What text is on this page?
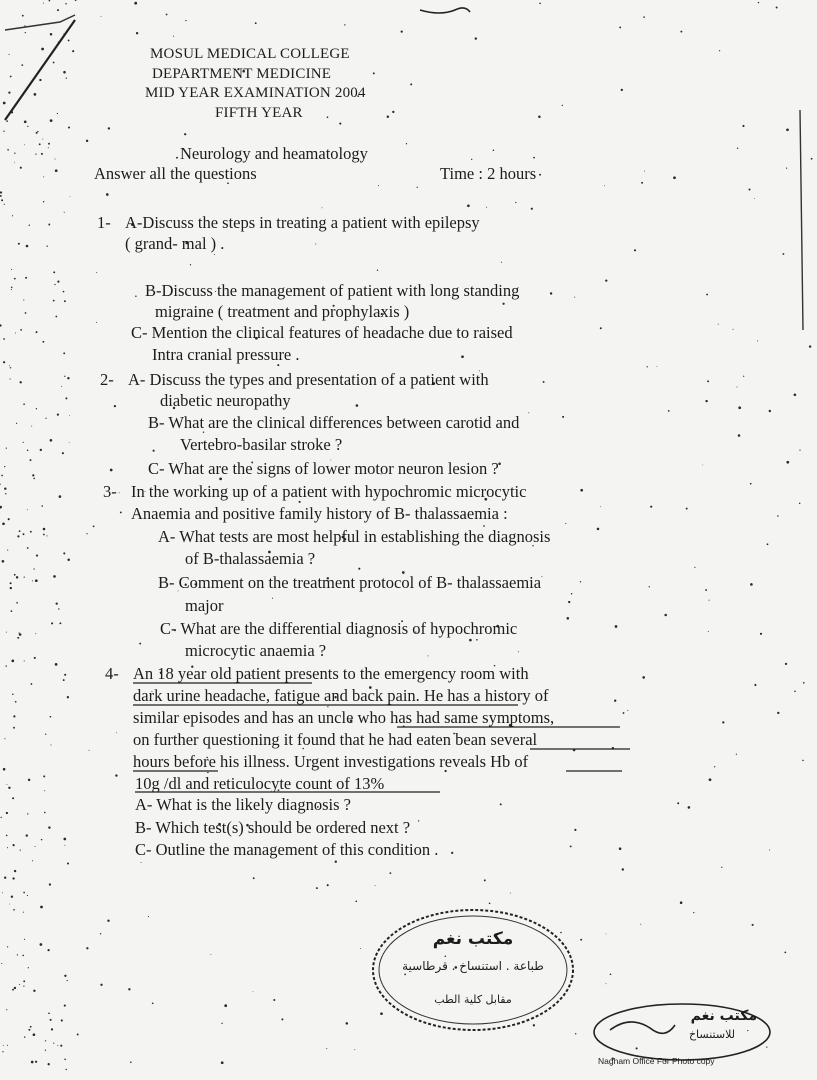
MOSUL MEDICAL COLLEGE
DEPARTMENT MEDICINE
MID YEAR EXAMINATION 2004
FIFTH YEAR
Neurology and heamatology
Answer all the questions	Time : 2 hours
1- A-Discuss the steps in treating a patient with epilepsy
( grand- mal ) .
B-Discuss the management of patient with long standing
migraine ( treatment and prophylaxis )
C- Mention the clinical features of headache due to raised
Intra cranial pressure .
2- A- Discuss the types and presentation of a patient with
diabetic neuropathy
B- What are the clinical differences between carotid and
Vertebro-basilar stroke ?
C- What are the signs of lower motor neuron lesion ?
3- In the working up of a patient with hypochromic microcytic
Anaemia and positive family history of B- thalassaemia :
A- What tests are most helpful in establishing the diagnosis
of B-thalassaemia ?
B- Comment on the treatment protocol of B- thalassaemia
major
C- What are the differential diagnosis of hypochromic
microcytic anaemia ?
4- An 18 year old patient presents to the emergency room with
dark urine headache, fatigue and back pain. He has a history of
similar episodes and has an uncle who has had same symptoms,
on further questioning it found that he had eaten bean several
hours before his illness. Urgent investigations reveals Hb of
10g /dl and reticulocyte count of 13%
A- What is the likely diagnosis ?
B- Which test(s) should be ordered next ?
C- Outline the management of this condition .
مكتب نغم
طباعة . استنساخ . قرطاسية
مقابل كلية الطب
مكتب نغم
للاستنساخ
Nagham Office For Photo copy
